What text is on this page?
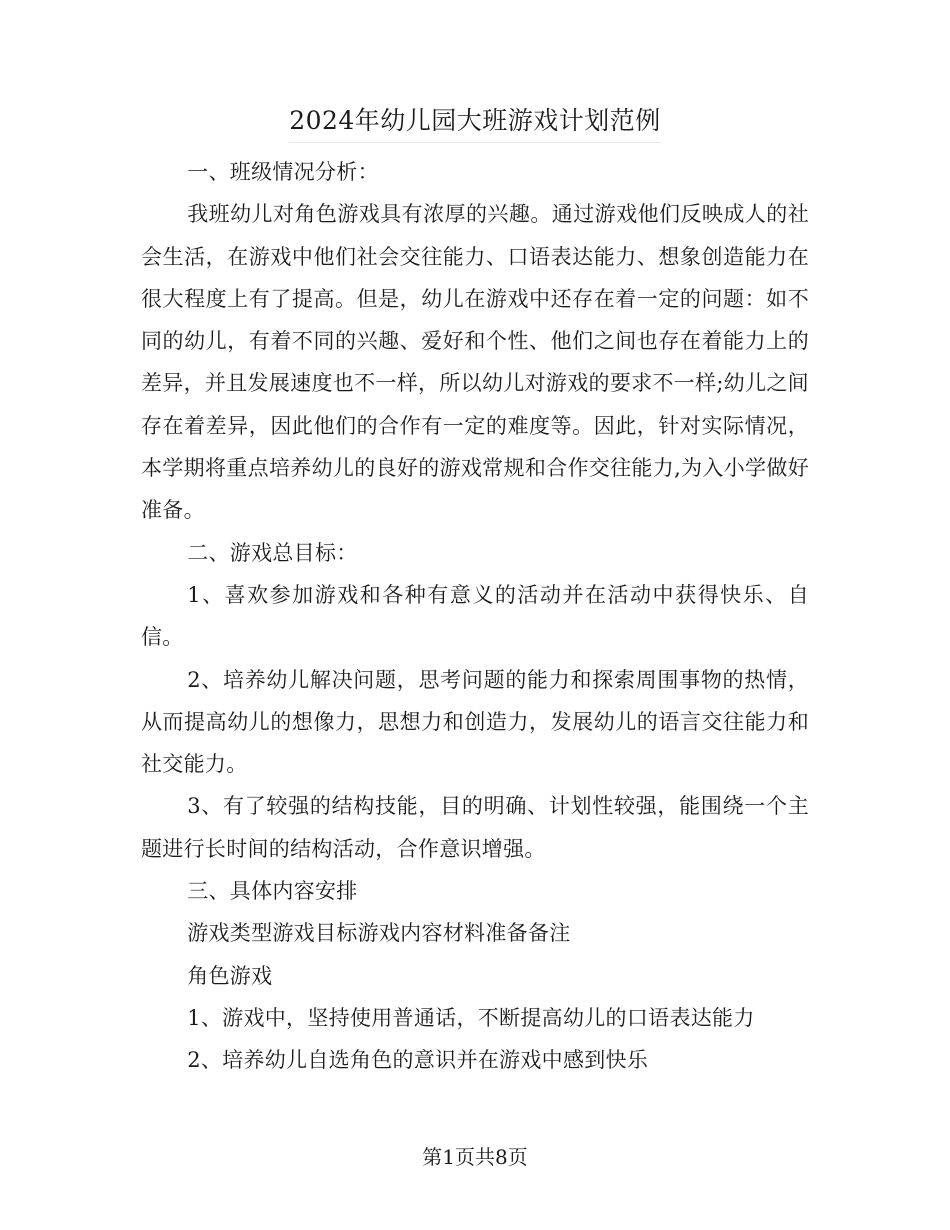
2024年幼儿园大班游戏计划范例

一、班级情况分析：

我班幼儿对角色游戏具有浓厚的兴趣。通过游戏他们反映成人的社会生活，在游戏中他们社会交往能力、口语表达能力、想象创造能力在很大程度上有了提高。但是，幼儿在游戏中还存在着一定的问题：如不同的幼儿，有着不同的兴趣、爱好和个性、他们之间也存在着能力上的差异，并且发展速度也不一样，所以幼儿对游戏的要求不一样;幼儿之间存在着差异，因此他们的合作有一定的难度等。因此，针对实际情况，本学期将重点培养幼儿的良好的游戏常规和合作交往能力,为入小学做好准备。

二、游戏总目标：

1、喜欢参加游戏和各种有意义的活动并在活动中获得快乐、自信。

2、培养幼儿解决问题，思考问题的能力和探索周围事物的热情，从而提高幼儿的想像力，思想力和创造力，发展幼儿的语言交往能力和社交能力。

3、有了较强的结构技能，目的明确、计划性较强，能围绕一个主题进行长时间的结构活动，合作意识增强。

三、具体内容安排

游戏类型游戏目标游戏内容材料准备备注

角色游戏

1、游戏中，坚持使用普通话，不断提高幼儿的口语表达能力

2、培养幼儿自选角色的意识并在游戏中感到快乐

第1页共8页
